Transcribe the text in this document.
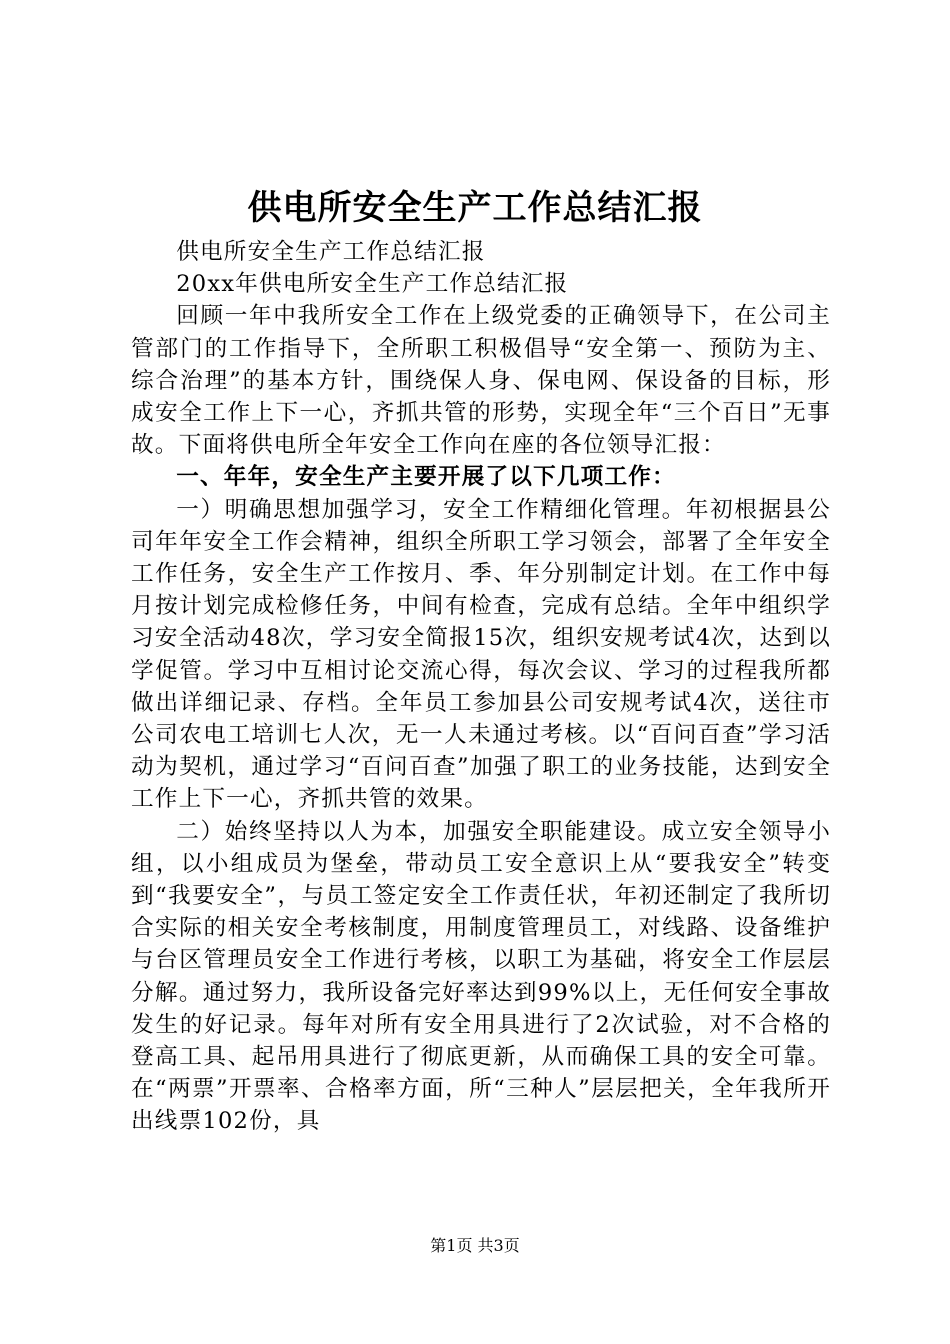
供电所安全生产工作总结汇报

供电所安全生产工作总结汇报

20xx年供电所安全生产工作总结汇报

回顾一年中我所安全工作在上级党委的正确领导下，在公司主管部门的工作指导下，全所职工积极倡导“安全第一、预防为主、综合治理”的基本方针，围绕保人身、保电网、保设备的目标，形成安全工作上下一心，齐抓共管的形势，实现全年“三个百日”无事故。下面将供电所全年安全工作向在座的各位领导汇报：

一、年年，安全生产主要开展了以下几项工作：

一）明确思想加强学习，安全工作精细化管理。年初根据县公司年年安全工作会精神，组织全所职工学习领会，部署了全年安全工作任务，安全生产工作按月、季、年分别制定计划。在工作中每月按计划完成检修任务，中间有检查，完成有总结。全年中组织学习安全活动48次，学习安全简报15次，组织安规考试4次，达到以学促管。学习中互相讨论交流心得，每次会议、学习的过程我所都做出详细记录、存档。全年员工参加县公司安规考试4次，送往市公司农电工培训七人次，无一人未通过考核。以“百问百查”学习活动为契机，通过学习“百问百查”加强了职工的业务技能，达到安全工作上下一心，齐抓共管的效果。

二）始终坚持以人为本，加强安全职能建设。成立安全领导小组，以小组成员为堡垒，带动员工安全意识上从“要我安全”转变到“我要安全”，与员工签定安全工作责任状，年初还制定了我所切合实际的相关安全考核制度，用制度管理员工，对线路、设备维护与台区管理员安全工作进行考核，以职工为基础，将安全工作层层分解。通过努力，我所设备完好率达到99%以上，无任何安全事故发生的好记录。每年对所有安全用具进行了2次试验，对不合格的登高工具、起吊用具进行了彻底更新，从而确保工具的安全可靠。在“两票”开票率、合格率方面，所“三种人”层层把关，全年我所开出线票102份，具

第1页 共3页
